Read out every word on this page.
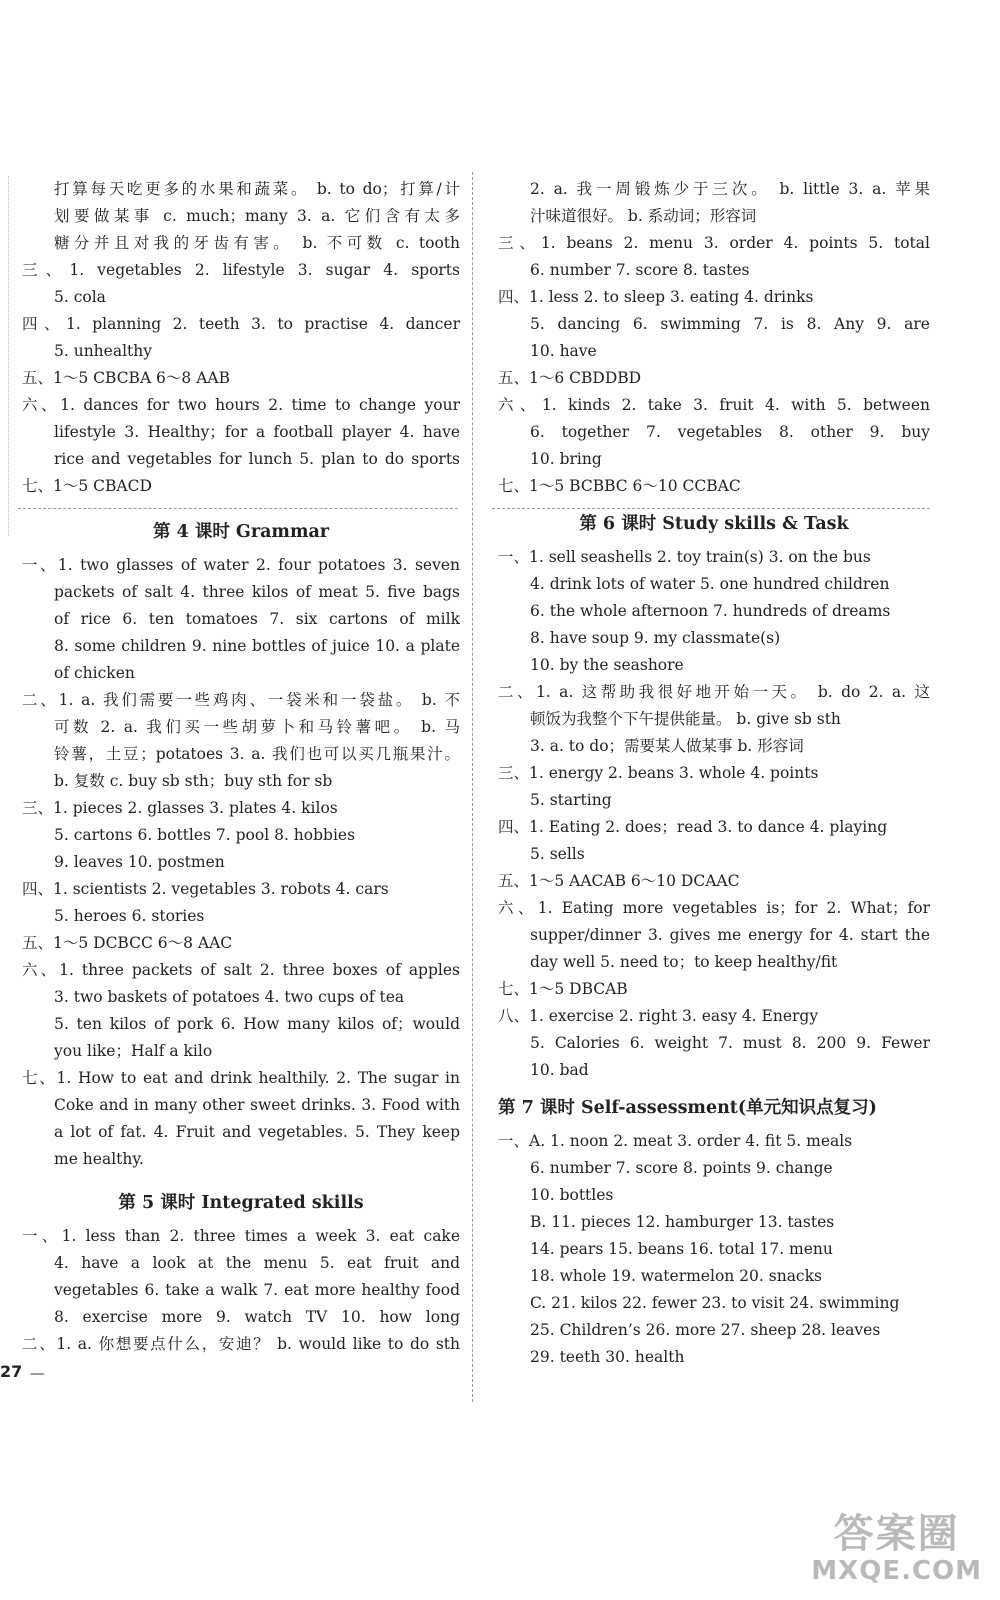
打算每天吃更多的水果和蔬菜。 b. to do；打算/计
划要做某事 c. much；many 3. a. 它们含有太多
糖分并且对我的牙齿有害。 b. 不可数 c. tooth
三、1. vegetables 2. lifestyle 3. sugar 4. sports
5. cola
四、1. planning 2. teeth 3. to practise 4. dancer
5. unhealthy
五、1～5 CBCBA 6～8 AAB
六、1. dances for two hours 2. time to change your
lifestyle 3. Healthy；for a football player 4. have
rice and vegetables for lunch 5. plan to do sports
七、1～5 CBACD
第 4 课时 Grammar
一、1. two glasses of water 2. four potatoes 3. seven
packets of salt 4. three kilos of meat 5. five bags
of rice 6. ten tomatoes 7. six cartons of milk
8. some children 9. nine bottles of juice 10. a plate
of chicken
二、1. a. 我们需要一些鸡肉、一袋米和一袋盐。 b. 不
可数 2. a. 我们买一些胡萝卜和马铃薯吧。 b. 马
铃薯，土豆；potatoes 3. a. 我们也可以买几瓶果汁。
b. 复数 c. buy sb sth；buy sth for sb
三、1. pieces 2. glasses 3. plates 4. kilos
5. cartons 6. bottles 7. pool 8. hobbies
9. leaves 10. postmen
四、1. scientists 2. vegetables 3. robots 4. cars
5. heroes 6. stories
五、1～5 DCBCC 6～8 AAC
六、1. three packets of salt 2. three boxes of apples
3. two baskets of potatoes 4. two cups of tea
5. ten kilos of pork 6. How many kilos of；would
you like；Half a kilo
七、1. How to eat and drink healthily. 2. The sugar in
Coke and in many other sweet drinks. 3. Food with
a lot of fat. 4. Fruit and vegetables. 5. They keep
me healthy.
第 5 课时 Integrated skills
一、1. less than 2. three times a week 3. eat cake
4. have a look at the menu 5. eat fruit and
vegetables 6. take a walk 7. eat more healthy food
8. exercise more 9. watch TV 10. how long
二、1. a. 你想要点什么，安迪？ b. would like to do sth
2. a. 我一周锻炼少于三次。 b. little 3. a. 苹果
汁味道很好。 b. 系动词；形容词
三、1. beans 2. menu 3. order 4. points 5. total
6. number 7. score 8. tastes
四、1. less 2. to sleep 3. eating 4. drinks
5. dancing 6. swimming 7. is 8. Any 9. are
10. have
五、1～6 CBDDBD
六、1. kinds 2. take 3. fruit 4. with 5. between
6. together 7. vegetables 8. other 9. buy
10. bring
七、1～5 BCBBC 6～10 CCBAC
第 6 课时 Study skills & Task
一、1. sell seashells 2. toy train(s) 3. on the bus
4. drink lots of water 5. one hundred children
6. the whole afternoon 7. hundreds of dreams
8. have soup 9. my classmate(s)
10. by the seashore
二、1. a. 这帮助我很好地开始一天。 b. do 2. a. 这
顿饭为我整个下午提供能量。 b. give sb sth
3. a. to do；需要某人做某事 b. 形容词
三、1. energy 2. beans 3. whole 4. points
5. starting
四、1. Eating 2. does；read 3. to dance 4. playing
5. sells
五、1～5 AACAB 6～10 DCAAC
六、1. Eating more vegetables is；for 2. What；for
supper/dinner 3. gives me energy for 4. start the
day well 5. need to；to keep healthy/fit
七、1～5 DBCAB
八、1. exercise 2. right 3. easy 4. Energy
5. Calories 6. weight 7. must 8. 200 9. Fewer
10. bad
第 7 课时 Self-assessment(单元知识点复习)
一、A. 1. noon 2. meat 3. order 4. fit 5. meals
6. number 7. score 8. points 9. change
10. bottles
B. 11. pieces 12. hamburger 13. tastes
14. pears 15. beans 16. total 17. menu
18. whole 19. watermelon 20. snacks
C. 21. kilos 22. fewer 23. to visit 24. swimming
25. Children’s 26. more 27. sheep 28. leaves
29. teeth 30. health
27 —
答案圈
MXQE.COM
